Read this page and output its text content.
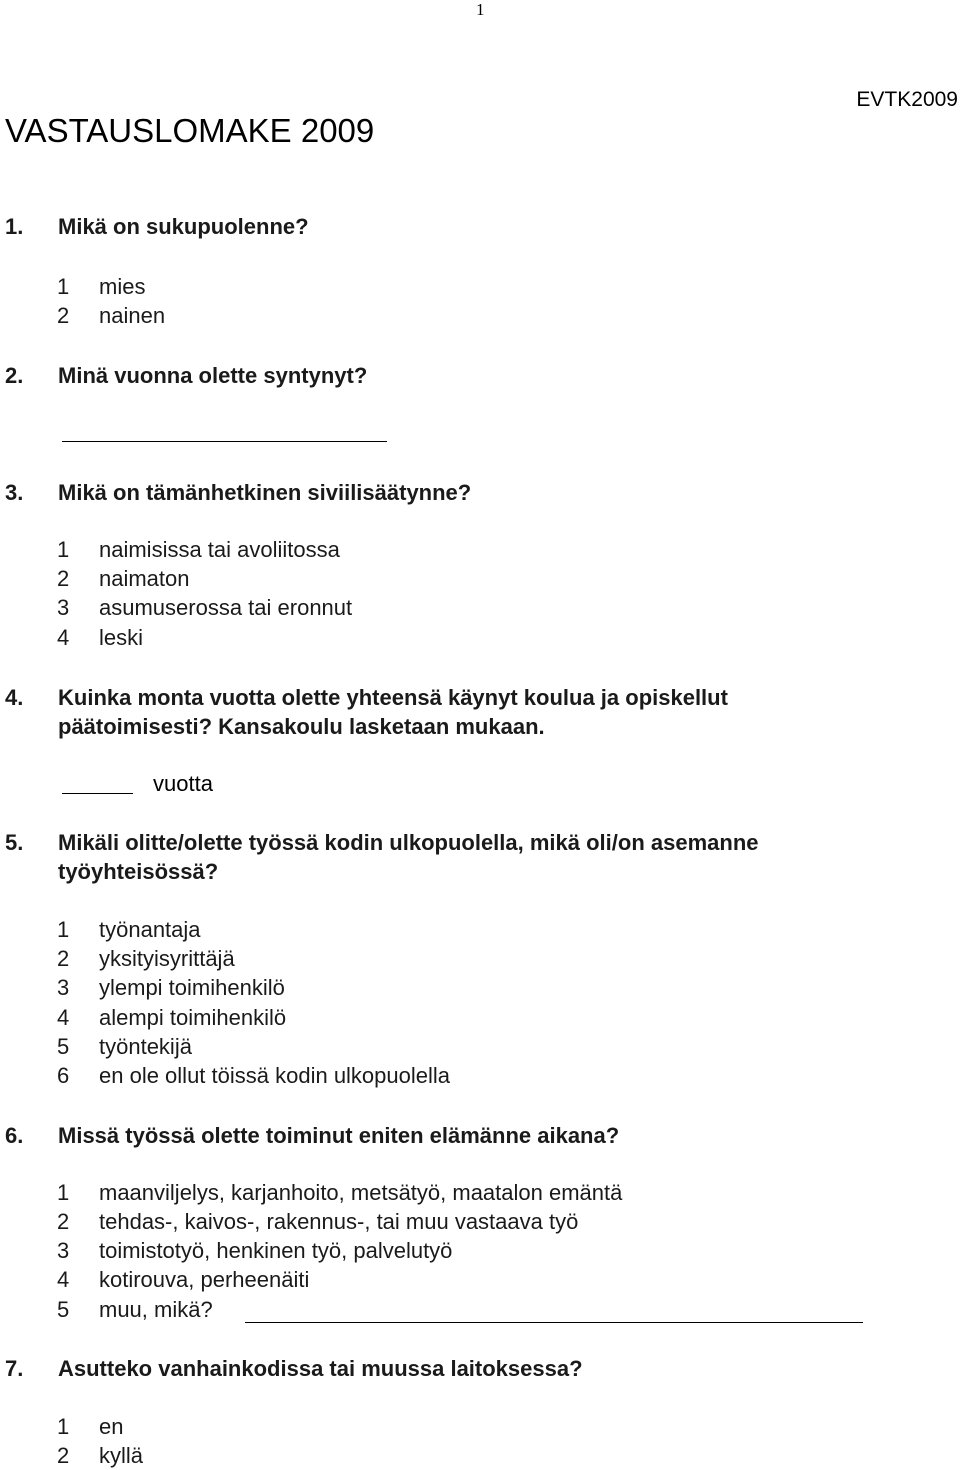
1
EVTK2009
VASTAUSLOMAKE 2009
1. Mikä on sukupuolenne?
1 mies
2 nainen
2. Minä vuonna olette syntynyt?
3. Mikä on tämänhetkinen siviilisäätynne?
1 naimisissa tai avoliitossa
2 naimaton
3 asumuserossa tai eronnut
4 leski
4. Kuinka monta vuotta olette yhteensä käynyt koulua ja opiskellut
päätoimisesti? Kansakoulu lasketaan mukaan.
vuotta
5. Mikäli olitte/olette työssä kodin ulkopuolella, mikä oli/on asemanne
työyhteisössä?
1 työnantaja
2 yksityisyrittäjä
3 ylempi toimihenkilö
4 alempi toimihenkilö
5 työntekijä
6 en ole ollut töissä kodin ulkopuolella
6. Missä työssä olette toiminut eniten elämänne aikana?
1 maanviljelys, karjanhoito, metsätyö, maatalon emäntä
2 tehdas-, kaivos-, rakennus-, tai muu vastaava työ
3 toimistotyö, henkinen työ, palvelutyö
4 kotirouva, perheenäiti
5 muu, mikä?
7. Asutteko vanhainkodissa tai muussa laitoksessa?
1 en
2 kyllä
